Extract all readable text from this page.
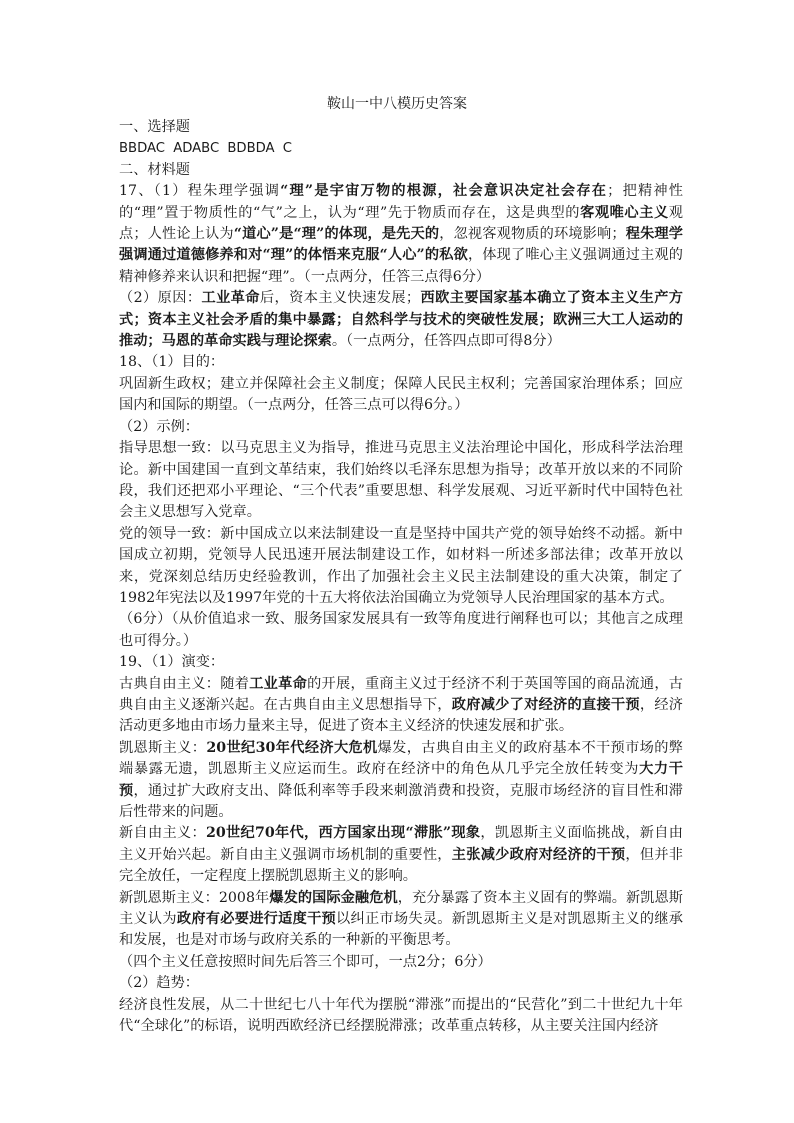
鞍山一中八模历史答案

一、选择题

BBDAC ADABC BDBDA C

二、材料题

17、（1）程朱理学强调“理”是宇宙万物的根源，社会意识决定社会存在；把精神性的“理”置于物质性的“气”之上，认为“理”先于物质而存在，这是典型的客观唯心主义观点；人性论上认为“道心”是“理”的体现，是先天的，忽视客观物质的环境影响；程朱理学强调通过道德修养和对“理”的体悟来克服“人心”的私欲，体现了唯心主义强调通过主观的精神修养来认识和把握“理”。（一点两分，任答三点得6分）

（2）原因：工业革命后，资本主义快速发展；西欧主要国家基本确立了资本主义生产方式；资本主义社会矛盾的集中暴露；自然科学与技术的突破性发展；欧洲三大工人运动的推动；马恩的革命实践与理论探索。（一点两分，任答四点即可得8分）

18、（1）目的：

巩固新生政权；建立并保障社会主义制度；保障人民民主权利；完善国家治理体系；回应国内和国际的期望。（一点两分，任答三点可以得6分。）

（2）示例：

指导思想一致：以马克思主义为指导，推进马克思主义法治理论中国化，形成科学法治理论。新中国建国一直到文革结束，我们始终以毛泽东思想为指导；改革开放以来的不同阶段，我们还把邓小平理论、“三个代表”重要思想、科学发展观、习近平新时代中国特色社会主义思想写入党章。

党的领导一致：新中国成立以来法制建设一直是坚持中国共产党的领导始终不动摇。新中国成立初期，党领导人民迅速开展法制建设工作，如材料一所述多部法律；改革开放以来，党深刻总结历史经验教训，作出了加强社会主义民主法制建设的重大决策，制定了1982年宪法以及1997年党的十五大将依法治国确立为党领导人民治理国家的基本方式。

（6分）（从价值追求一致、服务国家发展具有一致等角度进行阐释也可以；其他言之成理也可得分。）

19、（1）演变：

古典自由主义：随着工业革命的开展，重商主义过于经济不利于英国等国的商品流通，古典自由主义逐渐兴起。在古典自由主义思想指导下，政府减少了对经济的直接干预，经济活动更多地由市场力量来主导，促进了资本主义经济的快速发展和扩张。

凯恩斯主义：20世纪30年代经济大危机爆发，古典自由主义的政府基本不干预市场的弊端暴露无遗，凯恩斯主义应运而生。政府在经济中的角色从几乎完全放任转变为大力干预，通过扩大政府支出、降低利率等手段来刺激消费和投资，克服市场经济的盲目性和滞后性带来的问题。

新自由主义：20世纪70年代，西方国家出现“滞胀”现象，凯恩斯主义面临挑战，新自由主义开始兴起。新自由主义强调市场机制的重要性，主张减少政府对经济的干预，但并非完全放任，一定程度上摆脱凯恩斯主义的影响。

新凯恩斯主义：2008年爆发的国际金融危机，充分暴露了资本主义固有的弊端。新凯恩斯主义认为政府有必要进行适度干预以纠正市场失灵。新凯恩斯主义是对凯恩斯主义的继承和发展，也是对市场与政府关系的一种新的平衡思考。

（四个主义任意按照时间先后答三个即可，一点2分；6分）

（2）趋势：

经济良性发展，从二十世纪七八十年代为摆脱“滞涨”而提出的“民营化”到二十世纪九十年代“全球化”的标语，说明西欧经济已经摆脱滞涨；改革重点转移，从主要关注国内经济
